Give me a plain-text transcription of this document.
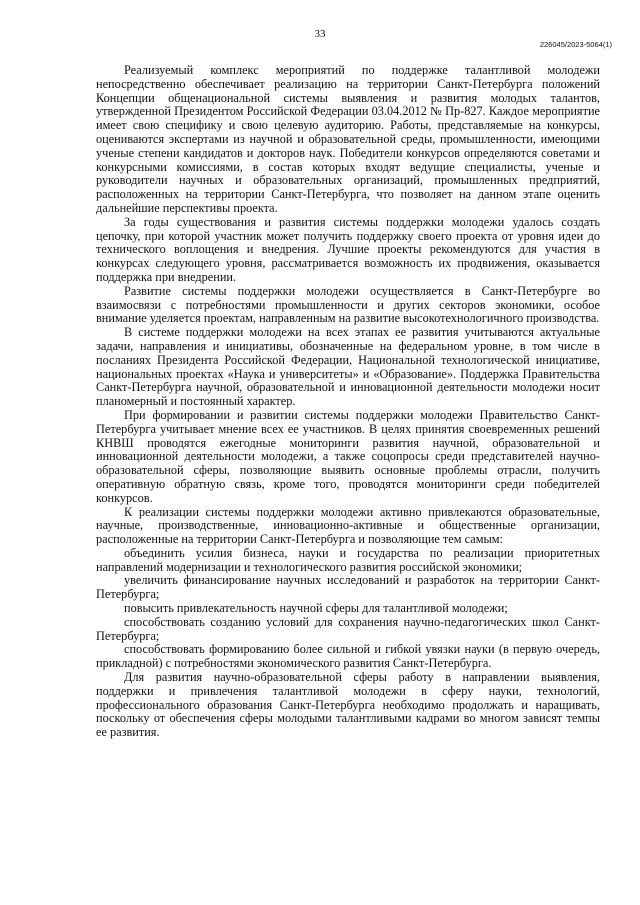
33
226045/2023-5064(1)

Реализуемый комплекс мероприятий по поддержке талантливой молодежи непосредственно обеспечивает реализацию на территории Санкт-Петербурга положений Концепции общенациональной системы выявления и развития молодых талантов, утвержденной Президентом Российской Федерации 03.04.2012 № Пр-827. Каждое мероприятие имеет свою специфику и свою целевую аудиторию. Работы, представляемые на конкурсы, оцениваются экспертами из научной и образовательной среды, промышленности, имеющими ученые степени кандидатов и докторов наук. Победители конкурсов определяются советами и конкурсными комиссиями, в состав которых входят ведущие специалисты, ученые и руководители научных и образовательных организаций, промышленных предприятий, расположенных на территории Санкт-Петербурга, что позволяет на данном этапе оценить дальнейшие перспективы проекта.

За годы существования и развития системы поддержки молодежи удалось создать цепочку, при которой участник может получить поддержку своего проекта от уровня идеи до технического воплощения и внедрения. Лучшие проекты рекомендуются для участия в конкурсах следующего уровня, рассматривается возможность их продвижения, оказывается поддержка при внедрении.

Развитие системы поддержки молодежи осуществляется в Санкт-Петербурге во взаимосвязи с потребностями промышленности и других секторов экономики, особое внимание уделяется проектам, направленным на развитие высокотехнологичного производства.

В системе поддержки молодежи на всех этапах ее развития учитываются актуальные задачи, направления и инициативы, обозначенные на федеральном уровне, в том числе в посланиях Президента Российской Федерации, Национальной технологической инициативе, национальных проектах «Наука и университеты» и «Образование». Поддержка Правительства Санкт-Петербурга научной, образовательной и инновационной деятельности молодежи носит планомерный и постоянный характер.

При формировании и развитии системы поддержки молодежи Правительство Санкт-Петербурга учитывает мнение всех ее участников. В целях принятия своевременных решений КНВШ проводятся ежегодные мониторинги развития научной, образовательной и инновационной деятельности молодежи, а также соцопросы среди представителей научно-образовательной сферы, позволяющие выявить основные проблемы отрасли, получить оперативную обратную связь, кроме того, проводятся мониторинги среди победителей конкурсов.

К реализации системы поддержки молодежи активно привлекаются образовательные, научные, производственные, инновационно-активные и общественные организации, расположенные на территории Санкт-Петербурга и позволяющие тем самым:

объединить усилия бизнеса, науки и государства по реализации приоритетных направлений модернизации и технологического развития российской экономики;

увеличить финансирование научных исследований и разработок на территории Санкт-Петербурга;

повысить привлекательность научной сферы для талантливой молодежи;

способствовать созданию условий для сохранения научно-педагогических школ Санкт-Петербурга;

способствовать формированию более сильной и гибкой увязки науки (в первую очередь, прикладной) с потребностями экономического развития Санкт-Петербурга.

Для развития научно-образовательной сферы работу в направлении выявления, поддержки и привлечения талантливой молодежи в сферу науки, технологий, профессионального образования Санкт-Петербурга необходимо продолжать и наращивать, поскольку от обеспечения сферы молодыми талантливыми кадрами во многом зависят темпы ее развития.
